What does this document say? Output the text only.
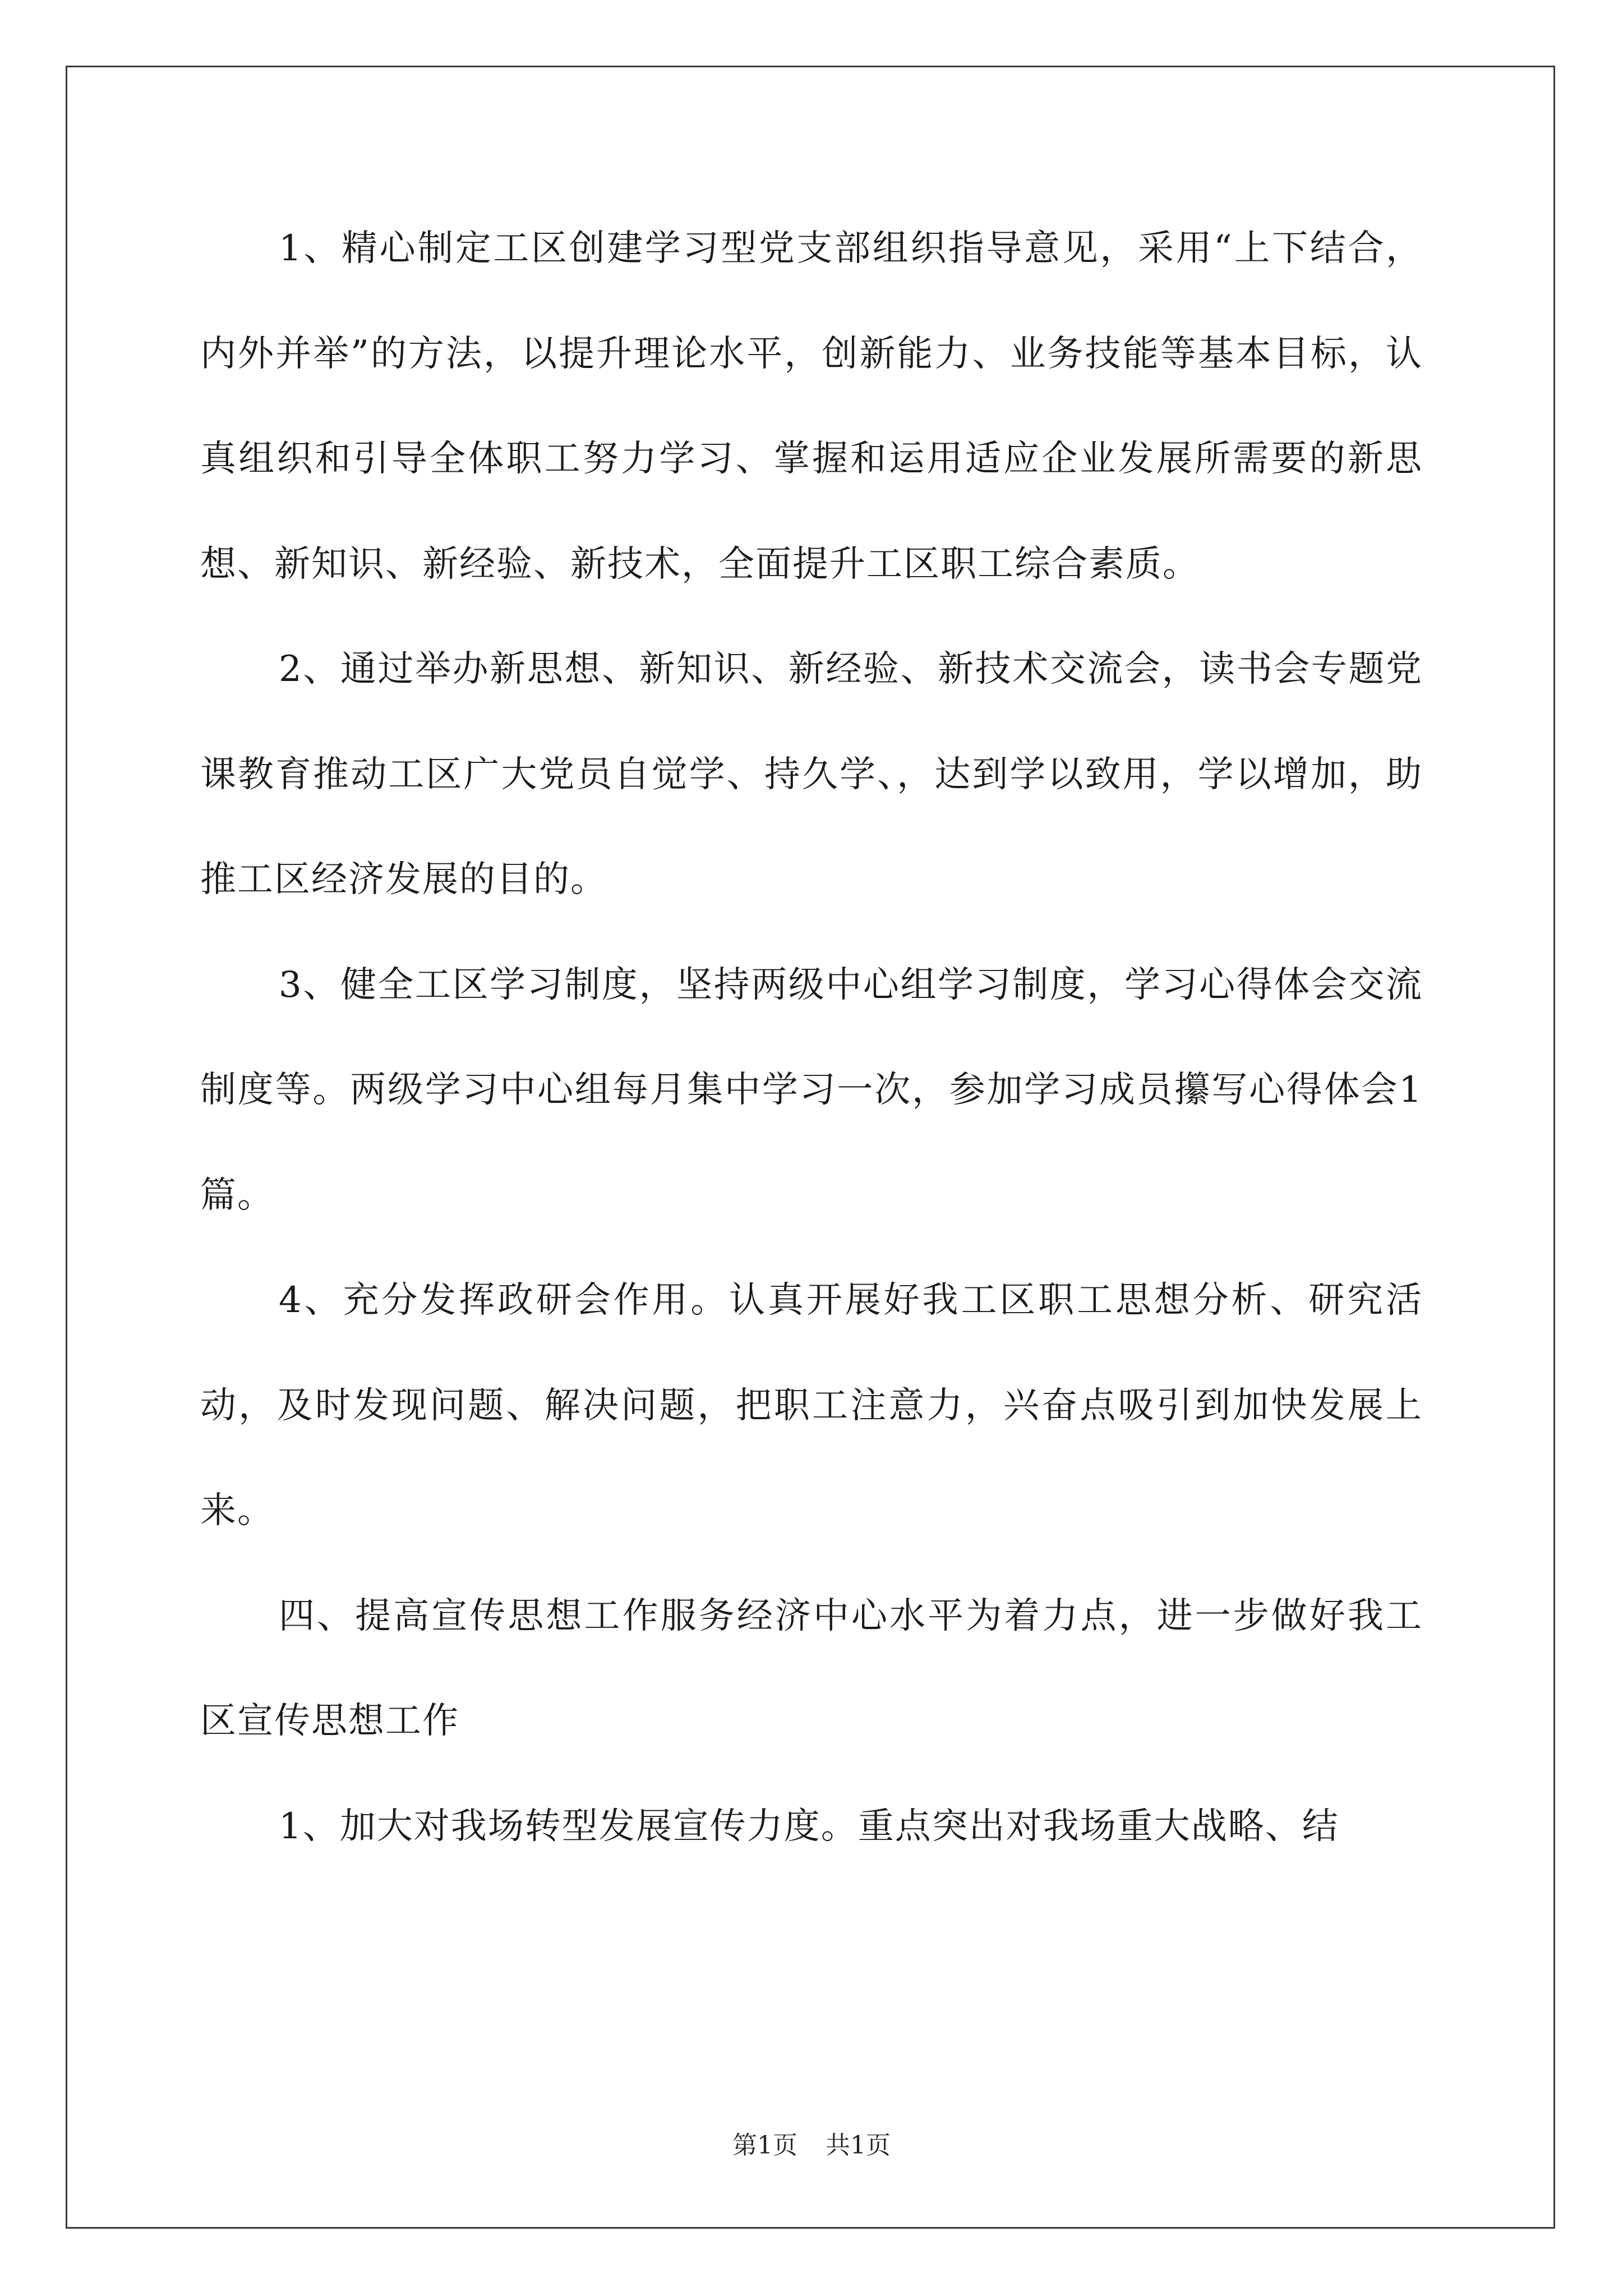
1、精心制定工区创建学习型党支部组织指导意见，采用“上下结合，内外并举”的方法，以提升理论水平，创新能力、业务技能等基本目标，认真组织和引导全体职工努力学习、掌握和运用适应企业发展所需要的新思想、新知识、新经验、新技术，全面提升工区职工综合素质。

2、通过举办新思想、新知识、新经验、新技术交流会，读书会专题党课教育推动工区广大党员自觉学、持久学、，达到学以致用，学以增加，助推工区经济发展的目的。

3、健全工区学习制度，坚持两级中心组学习制度，学习心得体会交流制度等。两级学习中心组每月集中学习一次，参加学习成员攥写心得体会1篇。

4、充分发挥政研会作用。认真开展好我工区职工思想分析、研究活动，及时发现问题、解决问题，把职工注意力，兴奋点吸引到加快发展上来。

四、提高宣传思想工作服务经济中心水平为着力点，进一步做好我工区宣传思想工作

1、加大对我场转型发展宣传力度。重点突出对我场重大战略、结

第1页 共1页
